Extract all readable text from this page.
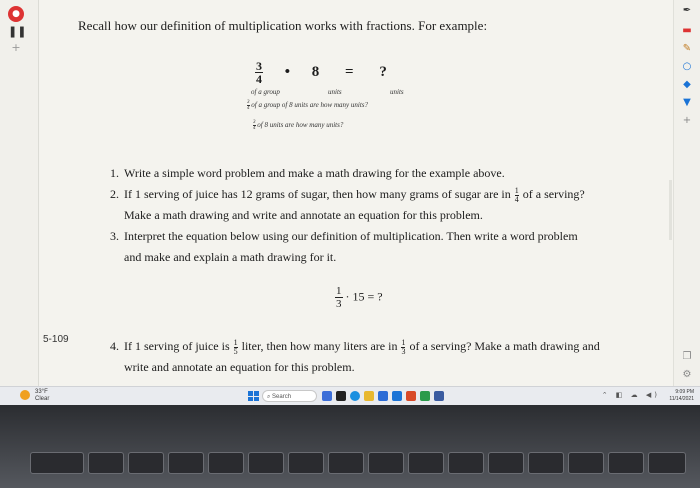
●
❚❚
+
5-109

Recall how our definition of multiplication works with fractions. For example:

$\frac{3}{4}$ • 8 = ?
of a group	units	units
$\frac{3}{4}$ of a group of 8 units are how many units?
$\frac{3}{4}$ of 8 units are how many units?
1. Write a simple word problem and make a math drawing for the example above.
2. If 1 serving of juice has 12 grams of sugar, then how many grams of sugar are in $\frac{1}{4}$ of a serving? Make a math drawing and write and annotate an equation for this problem.
3. Interpret the equation below using our definition of multiplication. Then write a word problem and make and explain a math drawing for it.
$\frac{1}{3} \cdot 15$ = ?
4. If 1 serving of juice is $\frac{1}{5}$ liter, then how many liters are in $\frac{1}{3}$ of a serving? Make a math drawing and write and annotate an equation for this problem.
✒
▬
✎
○
◆
▼
+
❐
⚙
33°F
Clear	⌕ Search	⌃ ◧ ☁ ◀)	9:09 PM
11/14/2021
